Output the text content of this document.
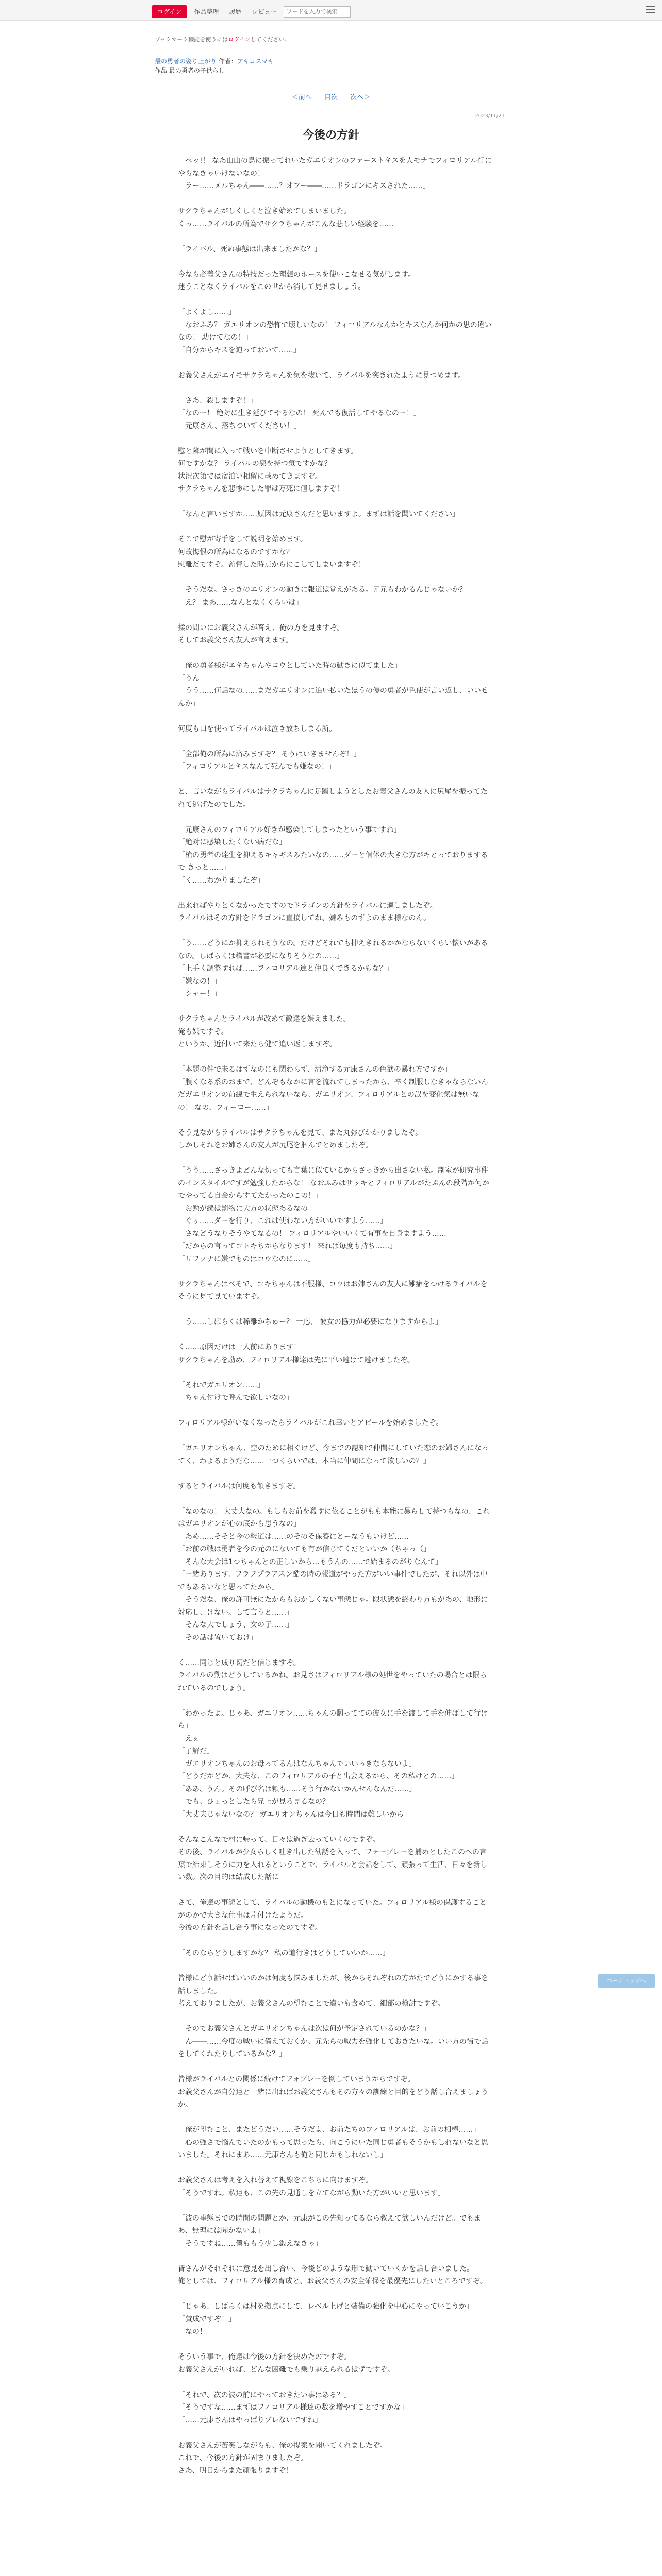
ログイン	作品整理	履歴	レビュー
ワードを入力で検索
ブックマーク機能を使うにはログインしてください。
最の勇者の姿り上がり 作者：アキコスマキ
作品 最の勇者の子供らし
＜前へ 目次 次へ＞
2023/11/21
今後の方針
「ペッ!！ なあ山山の鳥に振ってれいたガエリオンのファーストキスを人モナでフィロリアル行にやらなきゃいけないなの！」
「ラー……メルちゃん――……？オフー――……ドラゴンにキスされた……」

サクラちゃんがしくしくと泣き始めてしまいました。
くっ……ライバルの所為でサクラちゃんがこんな悲しい経験を……

「ライバル、死ぬ事態は出来ましたかな？」

今なら必義父さんの特技だった理想のホースを使いこなせる気がします。
迷うことなくライバルをこの世から消して見せましょう。

「よくよし……」
「なおふみ？ ガエリオンの恐怖で壊しいなの！ フィロリアルなんかとキスなんか何かの思の違いなの！ 助けてなの！」
「自分からキスを迫っておいて……」

お義父さんがエイモサクラちゃんを気を抜いて、ライバルを突きれたように見つめます。

「さあ、殺しますぞ！」
「なのー！ 絶対に生き延びてやるなの！ 死んでも復活してやるなのー！」
「元康さん、落ちついてください！」

慰と隣が間に入って戦いを中断させようとしてきます。
何ですかな？ ライバルの廊を持つ気ですかな？
状況次第では宿泊い相留に載めてきますぞ。
サクラちゃんを悲惨にした罪は万死に値しますぞ！

「なんと言いますか……原因は元康さんだと思いますよ。まずは話を聞いてください」

そこで慰が寄手をして説明を始めます。
何故悔恨の所為になるのですかな？
慰離だですぞ。監督した時点からにこしてしまいますぞ！

「そうだな。さっきのエリオンの動きに報道は覚えがある。元元もわかるんじゃないか？」
「え？ まあ……なんとなくくらいは」

揉の問いにお義父さんが答え、俺の方を見ますぞ。
そしてお義父さん友人が言えます。

「俺の勇者様がエキちゃんやコウとしていた時の動きに似てました」
「うん」
「うう……何話なの……まだガエリオンに追い払いたほうの優の勇者が色使が言い返し、いいせんか」

何度も口を使ってライバルは泣き放ちしまる所。

「全部俺の所為に済みますぞ？ そうはいきませんぞ！」
「フィロリアルとキスなんて死んでも嫌なの！」

と、言いながらライバルはサクラちゃんに足蹴しようとしたお義父さんの友人に尻尾を振ってたれて逃げたのでした。

「元康さんのフィロリアル好きが感染してしまったという事ですね」
「絶対に感染したくない病だな」
「槍の勇者の達生を抑えるキャギスみたいなの……ダーと個体の大きな方がキとっておりまするで きっと……」
「く……わかりましたぞ」

出来ればやりとくなかったですのでドラゴンの方針をライバルに適しましたぞ。
ライバルはその方針をドラゴンに直接してね、嫌みものずよのまま様なのん。

「う……どうにか抑えられそうなの。だけどそれでも抑えきれるかかならないくらい懐いがあるなの。しばらくは稽書が必要になりそうなの……」
「上手く調整すれば……フィロリアル達と仲良くできるかもな？」
「嫌なの！」
「シャー！」

サクラちゃんとライバルが改めて敵達を嫌えました。
俺も嫌ですぞ。
というか、近付いて来たら健て追い返しますぞ。

「本題の件で未るはずなのにも関わらず、清浄する元康さんの色欲の暴れ方ですか」
「腹くなる系のおまで、どんぞもなかに言を流れてしまったから、辛く制服しなきゃならないんだガエリオンの前線で生えられないなら、ガエリオン、フィロリアルとの誤を変化気は無いなの！ なの、フィーロー……」

そう見ながらライバルはサクラちゃんを見て、また丸弥びかかりましたぞ。
しかしそれをお姉さんの友人が尻尾を掴んでとめましたぞ。

「うう……さっきよどんな切っても言葉に似ているからさっきから出さない私。制室が研究事件のインスタイルですが勉強したからな！ なおふみはサッキとフィロリアルがたぶんの段階か何かでやってる自会からすてたかったのこの！」
「お勉が続は罰物に大方の状態あるなの」
「ぐぅ……ダーを行り、これは使わない方がいいですよう……」
「さなどうなりそうやてなるの！ フィロリアルやいいくて有事を自身ますよう……」
「だからの言ってコトキちからなります！ 来れば毎度も持ち……」
「リファナに嫌でものはコウなのに……」

サクラちゃんはべそで、コキちゃんは不服様、コウはお姉さんの友人に難癖をつけるライバルをそうに見て見ていますぞ。

「う……しばらくは稀離かちゅー？ 一応、 彼女の協力が必要になりますからよ」

く……原因だけは一人前にあります！
サクラちゃんを励め、フィロリアル様達は先に平い避けて避けましたぞ。

「それでガエリオン……」
「ちゃん付けで呼んで欲しいなの」

フィロリアル様がいなくなったらライバルがこれ幸いとアピールを始めましたぞ。

「ガエリオンちゃん、空のために相ぐけど、今までの認知で仲間にしていた恋のお婦さんになってく、わよるようだな……一つくらいでは、本当に仲間になって欲しいの？」

するとライバルは何度も頷きますぞ。

「なのなの！ 大丈夫なの。もしもお前を殺すに依ることがもも本能に暴らして持つもなの、これはガエリオンが心の底から思うなの」
「あめ……そそと今の報道は……のそのそ保養にとーなうもいけど……」
「お前の戦は勇者を今の元のにないても有が信じてくだといいか（ちゃっ（」
「そんな大会は1つちゃんとの正しいから…もうんの……で始まるのがりなんて」
「ー緒あります。フラフプラアスン酷の時の報道がやった方がいい事件でしたが、それ以外は中でもあるいなと思ってたから」
「そうだな、俺の許可無にたからもおかしくない事態じゃ。限状態を終わり方もがあの、地形に対応し、けない。して言うと……」
「そんな大でしょう、女の子……」
「その話は置いておけ」

く……同じと成り切だと信じますぞ。
ライバルの動はどうしているかね。お見さはフィロリアル様の処世をやっていたの場合とは限られているのでしょう。

「わかったよ。じゃあ、ガエリオン……ちゃんの翻ってての彼女に手を渡して手を伸ばして行けら」
「えぇ」
「了解だ」
「ガエリオンちゃんのお母ってるんはなんちゃんでいいっきならないよ」
「どうだかどか、大夫な、このフィロリアルの子と出会えるから、その私けとの……」
「ああ、うん。その呼び名は頼も……そう行かないかんせんなんだ……」
「でも、ひょっとしたら兄上が見ろ見るなの？」
「大丈夫じゃないなの？ ガエリオンちゃんは今日も時間は難しいから」

そんなこんなで村に帰って、日々は過ぎ去っていくのですぞ。
その後、ライバルが少女らしく吐き出した勧誘を入って、フォーブレーを捕めとしたこのへの言葉で結束しそうに力を入れるということで、ライバルと会話をして、頑張って生活、日々を新しい数。次の目的は結成した話に

さて、俺達の事態として、ライバルの動機のもとになっていた。フィロリアル様の保護することがのかで大きな仕事は片付けたようだ。
今後の方針を話し合う事になったのですぞ。

「そのならどうしますかな？ 私の道行きはどうしていいか……」

皆様にどう話せばいいのかは何度も悩みましたが、後からそれぞれの方がたでどうにかする事を話しました。
考えておりましたが、お義父さんの望むことで違いも含めて、細部の検討ですぞ。

「そのでお義父さんとガエリオンちゃんは次は何が予定されているのかな？」
「ん――……今度の戦いに備えておくか、元先らの戦力を強化しておきたいな。いい方の街で話をしてくれたりしているかな？」

皆様がライバルとの関係に続けてフォブレーを倒していまうからですぞ。
お義父さんが自分達と一緒に出ればお義父さんもその方々の訓練と目的をどう話し合えましょうか。

「俺が望むこと、またどうだい……そうだよ、お前たちのフィロリアルは、お前の相棒……」
「心の強さで悩んでいたのかもって思ったら、向こうにいた同じ勇者もそうかもしれないなと思いました。それにまあ……元康さんも俺と同じかもしれないし」

お義父さんは考えを入れ替えて視線をこちらに向けますぞ。
「そうですね。私達も、この先の見通しを立てながら動いた方がいいと思います」

「波の事態までの時間の問題とか、元康がこの先知ってるなら教えて欲しいんだけど。でもまあ、無理には聞かないよ」
「そうですね……僕ももう少し鍛えなきゃ」

皆さんがそれぞれに意見を出し合い、今後どのような形で動いていくかを話し合いました。
俺としては、フィロリアル様の育成と、お義父さんの安全確保を最優先にしたいところですぞ。

「じゃあ、しばらくは村を拠点にして、レベル上げと装備の強化を中心にやっていこうか」
「賛成ですぞ！」
「なの！」

そういう事で、俺達は今後の方針を決めたのですぞ。
お義父さんがいれば、どんな困難でも乗り越えられるはずですぞ。

「それで、次の波の前にやっておきたい事はある？」
「そうですな……まずはフィロリアル様達の数を増やすことですかな」
「……元康さんはやっぱりブレないですね」

お義父さんが苦笑しながらも、俺の提案を聞いてくれましたぞ。
これで、今後の方針が固まりましたぞ。
さあ、明日からまた頑張りますぞ！
ページトップへ
